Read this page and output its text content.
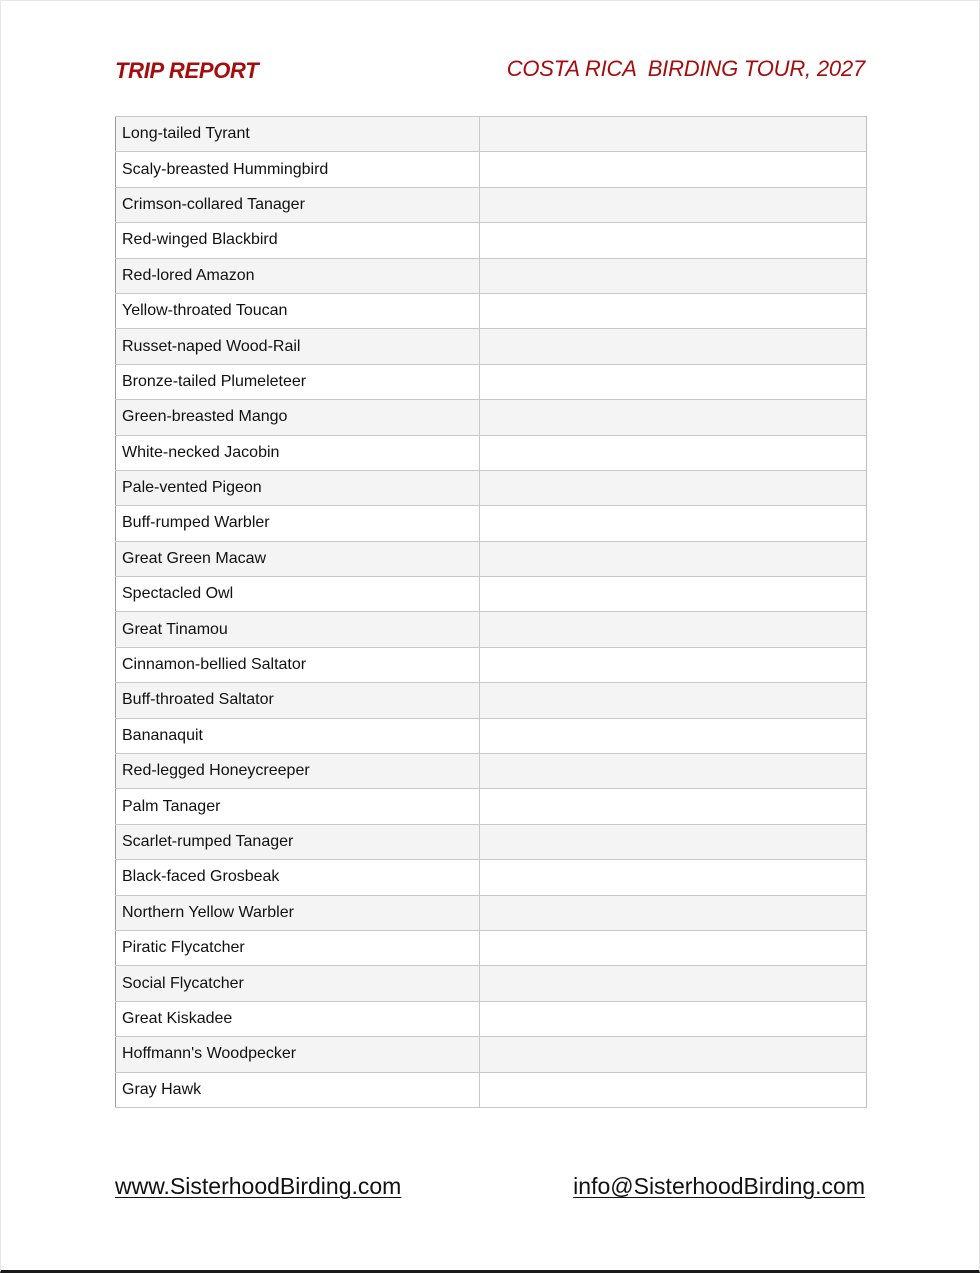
TRIP REPORT	COSTA RICA  BIRDING TOUR, 2027
Long-tailed Tyrant	
Scaly-breasted Hummingbird	
Crimson-collared Tanager	
Red-winged Blackbird	
Red-lored Amazon	
Yellow-throated Toucan	
Russet-naped Wood-Rail	
Bronze-tailed Plumeleteer	
Green-breasted Mango	
White-necked Jacobin	
Pale-vented Pigeon	
Buff-rumped Warbler	
Great Green Macaw	
Spectacled Owl	
Great Tinamou	
Cinnamon-bellied Saltator	
Buff-throated Saltator	
Bananaquit	
Red-legged Honeycreeper	
Palm Tanager	
Scarlet-rumped Tanager	
Black-faced Grosbeak	
Northern Yellow Warbler	
Piratic Flycatcher	
Social Flycatcher	
Great Kiskadee	
Hoffmann's Woodpecker	
Gray Hawk	
www.SisterhoodBirding.com	info@SisterhoodBirding.com
